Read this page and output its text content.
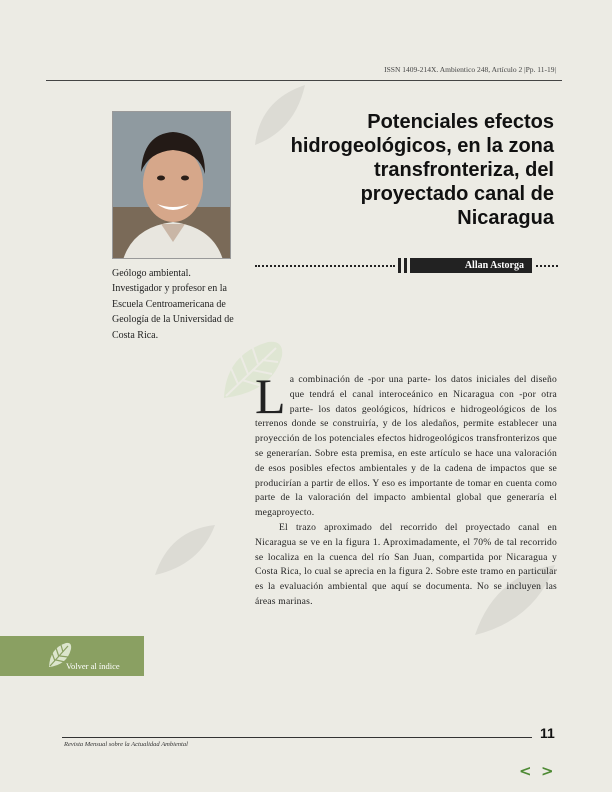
ISSN 1409-214X. Ambientico 248, Artículo 2 |Pp. 11-19|
Potenciales efectos hidrogeológicos, en la zona transfronteriza, del proyectado canal de Nicaragua
Allan Astorga
Geólogo ambiental. Investigador y profesor en la Escuela Centroamericana de Geología de la Universidad de Costa Rica.

La combinación de -por una parte- los datos iniciales del diseño que tendrá el canal interoceánico en Nicaragua con -por otra parte- los datos geológicos, hídricos e hidrogeológicos de los terrenos donde se construiría, y de los aledaños, permite establecer una proyección de los potenciales efectos hidrogeológicos transfronterizos que se generarían. Sobre esta premisa, en este artículo se hace una valoración de esos posibles efectos ambientales y de la cadena de impactos que se producirían a partir de ellos. Y eso es importante de tomar en cuenta como parte de la valoración del impacto ambiental global que generaría el megaproyecto.

El trazo aproximado del recorrido del proyectado canal en Nicaragua se ve en la figura 1. Aproximadamente, el 70% de tal recorrido se localiza en la cuenca del río San Juan, compartida por Nicaragua y Costa Rica, lo cual se aprecia en la figura 2. Sobre este tramo en particular es la evaluación ambiental que aquí se documenta. No se incluyen las áreas marinas.

Volver al índice
11
Revista Mensual sobre la Actualidad Ambiental
< >
